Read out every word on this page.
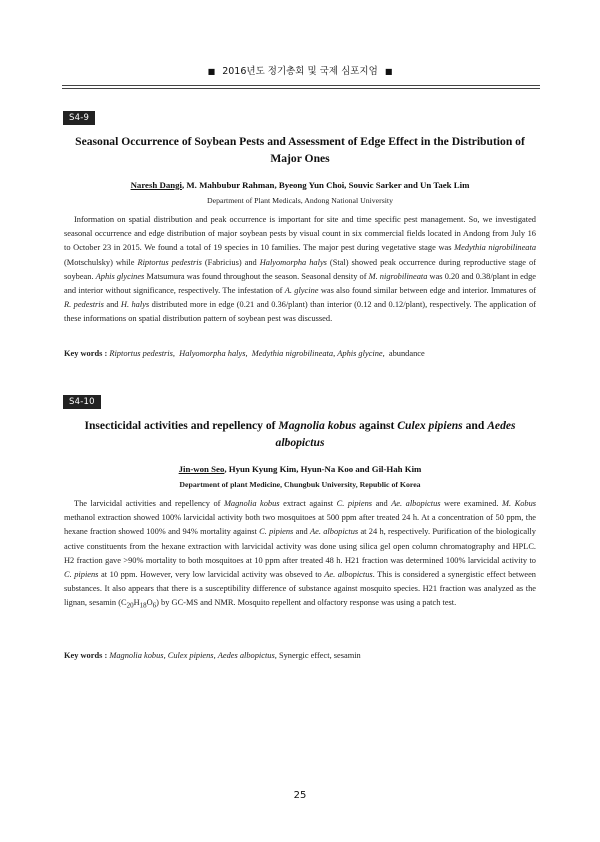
■ 2016년도 정기총회 및 국제 심포지엄 ■
S4-9
Seasonal Occurrence of Soybean Pests and Assessment of Edge Effect in the Distribution of
Major Ones
Naresh Dangi, M. Mahbubur Rahman, Byeong Yun Choi, Souvic Sarker and Un Taek Lim
Department of Plant Medicals, Andong National University
Information on spatial distribution and peak occurrence is important for site and time specific pest management. So, we investigated seasonal occurrence and edge distribution of major soybean pests by visual count in six commercial fields located in Andong from July 16 to October 23 in 2015. We found a total of 19 species in 10 families. The major pest during vegetative stage was Medythia nigrobilineata (Motschulsky) while Riptortus pedestris (Fabricius) and Halyomorpha halys (Stal) showed peak occurrence during reproductive stage of soybean. Aphis glycines Matsumura was found throughout the season. Seasonal density of M. nigrobilineata was 0.20 and 0.38/plant in edge and interior without significance, respectively. The infestation of A. glycine was also found similar between edge and interior. Immatures of R. pedestris and H. halys distributed more in edge (0.21 and 0.36/plant) than interior (0.12 and 0.12/plant), respectively. The application of these informations on spatial distribution pattern of soybean pest was discussed.
Key words : Riptortus pedestris,  Halyomorpha halys,  Medythia nigrobilineata, Aphis glycine,  abundance
S4-10
Insecticidal activities and repellency of Magnolia kobus against Culex pipiens and Aedes
albopictus
Jin-won Seo, Hyun Kyung Kim, Hyun-Na Koo and Gil-Hah Kim
Department of plant Medicine, Chungbuk University, Republic of Korea
The larvicidal activities and repellency of Magnolia kobus extract against C. pipiens and Ae. albopictus were examined. M. Kobus methanol extraction showed 100% larvicidal activity both two mosquitoes at 500 ppm after treated 24 h. At a concentration of 50 ppm, the hexane fraction showed 100% and 94% mortality against C. pipiens and Ae. albopictus at 24 h, respectively. Purification of the biologically active constituents from the hexane extraction with larvicidal activity was done using silica gel open column chromatography and HPLC. H2 fraction gave >90% mortality to both mosquitoes at 10 ppm after treated 48 h. H21 fraction was determined 100% larvicidal activity to C. pipiens at 10 ppm. However, very low larvicidal activity was obseved to Ae. albopictus. This is considered a synergistic effect between substances. It also appears that there is a susceptibility difference of substance against mosquito species. H21 fraction was analyzed as the lignan, sesamin $(C_{20}H_{18}O_6)$ by GC-MS and NMR. Mosquito repellent and olfactory response was using a patch test.
Key words : Magnolia kobus, Culex pipiens, Aedes albopictus, Synergic effect, sesamin
25
